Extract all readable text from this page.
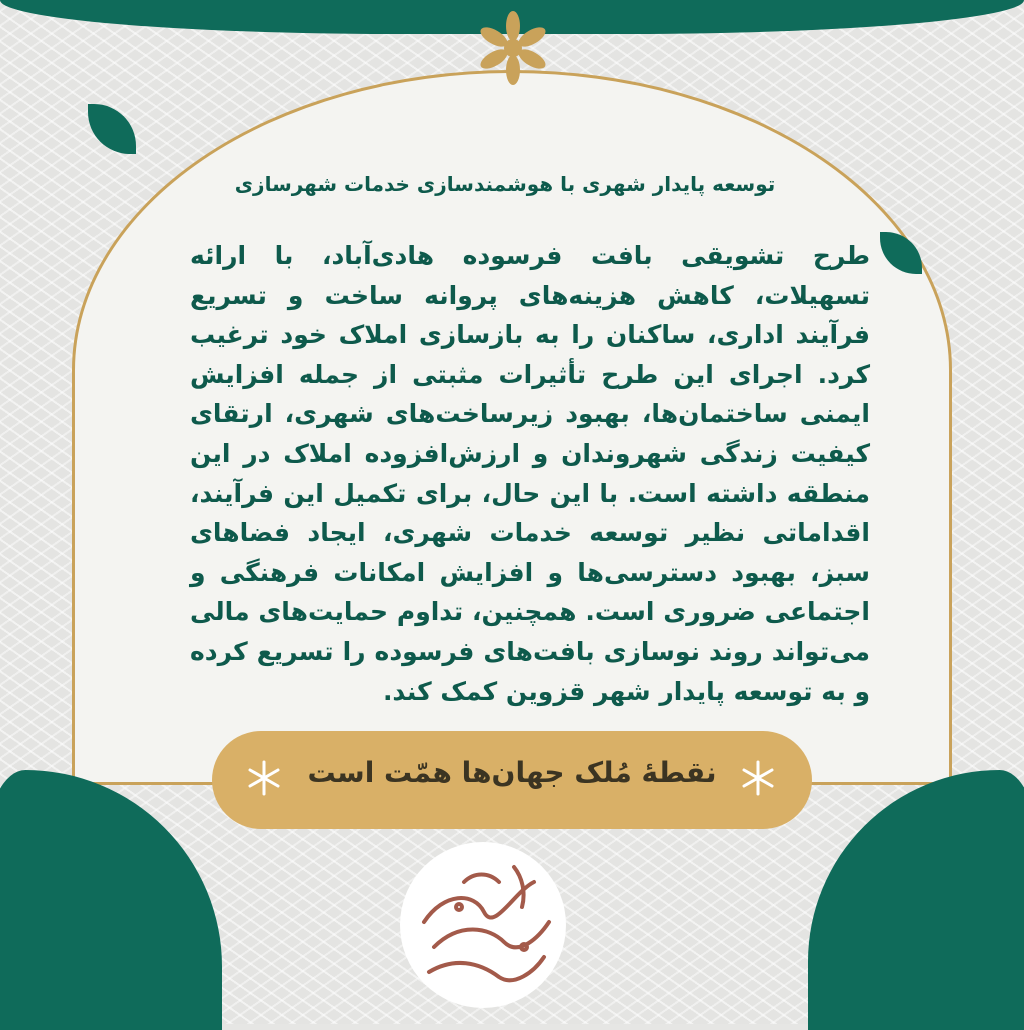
توسعه پایدار شهری با هوشمندسازی خدمات شهرسازی
طرح تشویقی بافت فرسوده هادی‌آباد، با ارائه تسهیلات، کاهش هزینه‌های پروانه ساخت و تسریع فرآیند اداری، ساکنان را به بازسازی املاک خود ترغیب کرد. اجرای این طرح تأثیرات مثبتی از جمله افزایش ایمنی ساختمان‌ها، بهبود زیرساخت‌های شهری، ارتقای کیفیت زندگی شهروندان و ارزش‌افزوده املاک در این منطقه داشته است. با این حال، برای تکمیل این فرآیند، اقداماتی نظیر توسعه خدمات شهری، ایجاد فضاهای سبز، بهبود دسترسی‌ها و افزایش امکانات فرهنگی و اجتماعی ضروری است. همچنین، تداوم حمایت‌های مالی می‌تواند روند نوسازی بافت‌های فرسوده را تسریع کرده و به توسعه پایدار شهر قزوین کمک کند.
نقطهٔ مُلک جهان‌ها همّت است
